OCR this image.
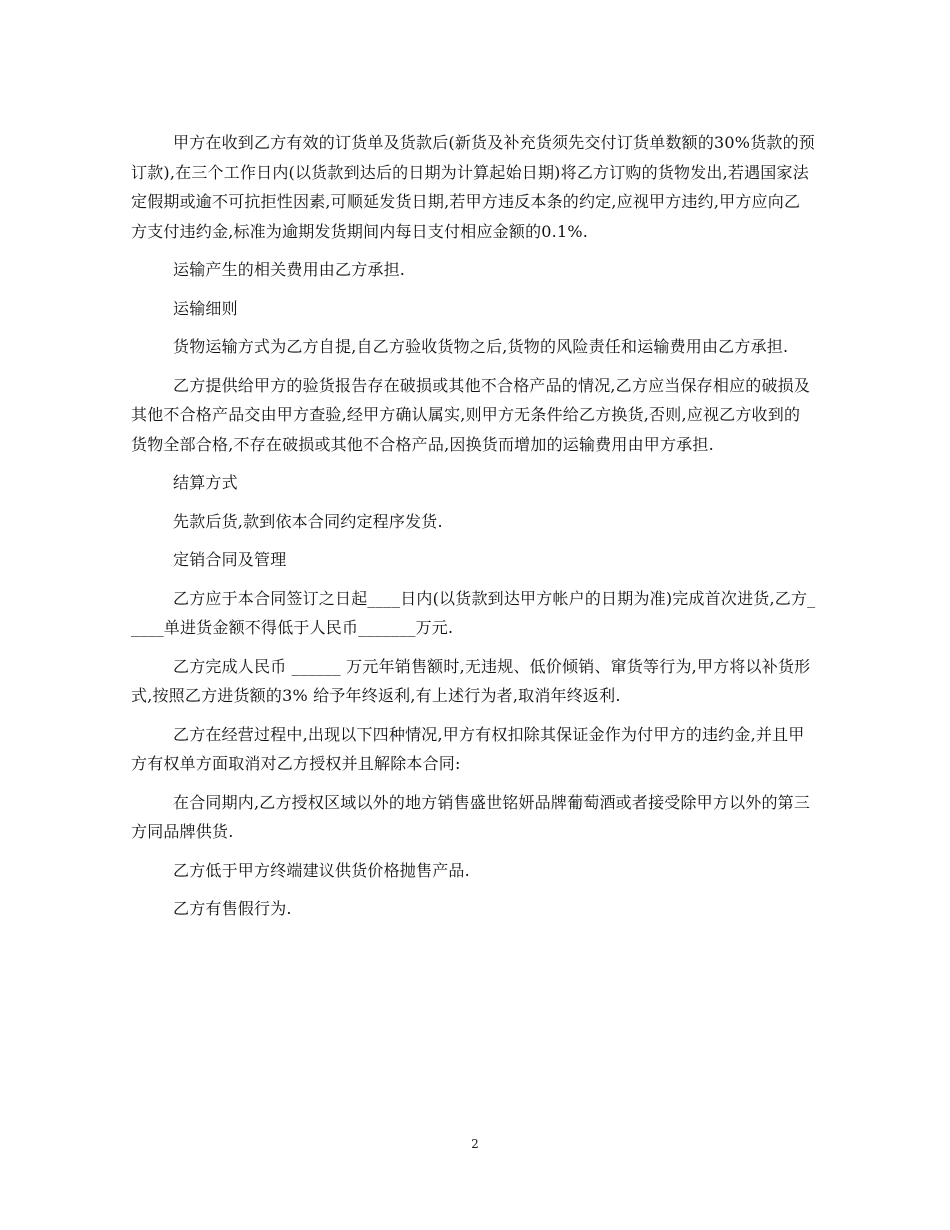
甲方在收到乙方有效的订货单及货款后(新货及补充货须先交付订货单数额的30%货款的预订款),在三个工作日内(以货款到达后的日期为计算起始日期)将乙方订购的货物发出,若遇国家法定假期或逾不可抗拒性因素,可顺延发货日期,若甲方违反本条的约定,应视甲方违约,甲方应向乙方支付违约金,标准为逾期发货期间内每日支付相应金额的0.1%.

运输产生的相关费用由乙方承担.

运输细则

货物运输方式为乙方自提,自乙方验收货物之后,货物的风险责任和运输费用由乙方承担.

乙方提供给甲方的验货报告存在破损或其他不合格产品的情况,乙方应当保存相应的破损及其他不合格产品交由甲方查验,经甲方确认属实,则甲方无条件给乙方换货,否则,应视乙方收到的货物全部合格,不存在破损或其他不合格产品,因换货而增加的运输费用由甲方承担.

结算方式

先款后货,款到依本合同约定程序发货.

定销合同及管理

乙方应于本合同签订之日起____日内(以货款到达甲方帐户的日期为准)完成首次进货,乙方_____单进货金额不得低于人民币_______万元.

乙方完成人民币 ______ 万元年销售额时,无违规、低价倾销、窜货等行为,甲方将以补货形式,按照乙方进货额的3% 给予年终返利,有上述行为者,取消年终返利.

乙方在经营过程中,出现以下四种情况,甲方有权扣除其保证金作为付甲方的违约金,并且甲方有权单方面取消对乙方授权并且解除本合同:

在合同期内,乙方授权区域以外的地方销售盛世铭妍品牌葡萄酒或者接受除甲方以外的第三方同品牌供货.

乙方低于甲方终端建议供货价格抛售产品.

乙方有售假行为.

2
